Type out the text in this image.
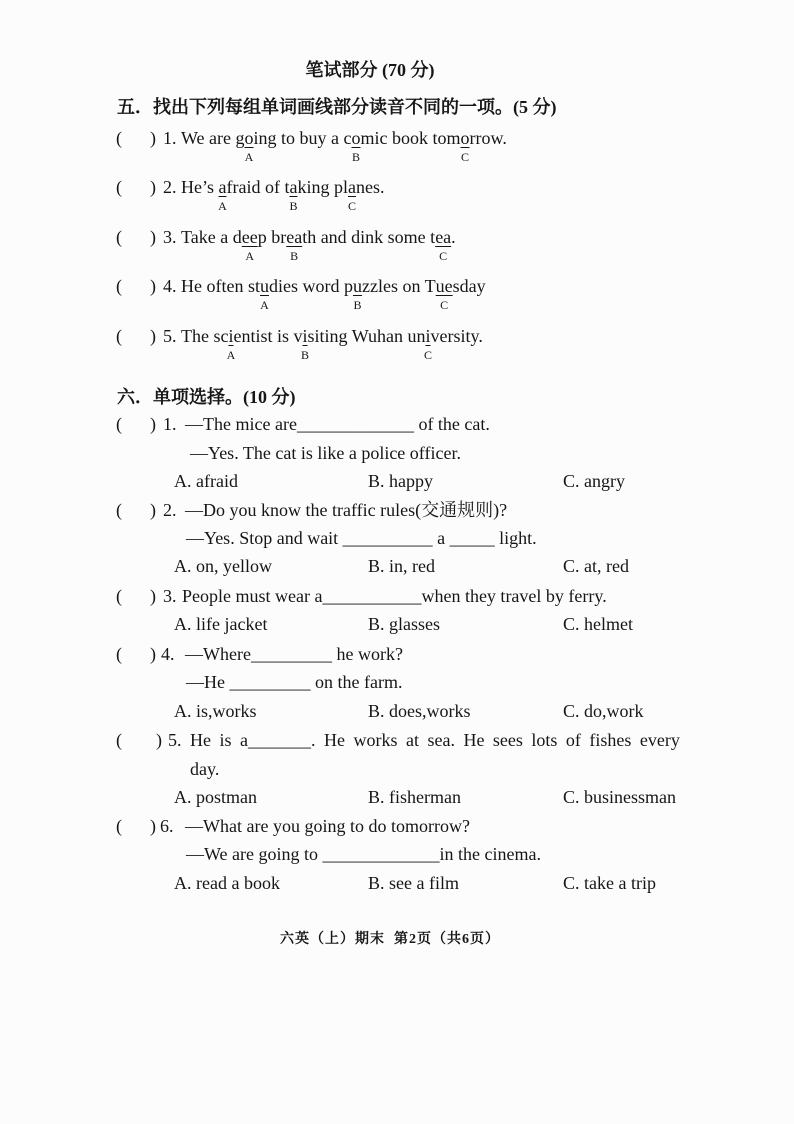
笔试部分 (70 分)
五．找出下列每组单词画线部分读音不同的一项。(5 分)
( ) 1. We are g o
A
ing to buy a c o
B
mic book tom o
C
rrow.
( ) 2. He’s a
A
fraid of t a
B
king pl a
C
nes.
( ) 3. Take a d ee
A
p br ea
B
th and dink some t ea
C
.
( ) 4. He often st u
A
dies word p u
B
zzles on T ue
C
sday
( ) 5. The sc i
A
entist is v i
B
siting Wuhan un i
C
versity.
六．单项选择。(10 分)
( ) 1. —The mice are_____________ of the cat.
—Yes. The cat is like a police officer.
A. afraid	B. happy	C. angry
( ) 2. —Do you know the traffic rules(交通规则)?
—Yes. Stop and wait __________ a _____ light.
A. on, yellow	B. in, red	C. at, red
( ) 3. People must wear a___________when they travel by ferry.
A. life jacket	B. glasses	C. helmet
( ) 4. —Where_________ he work?
—He _________ on the farm.
A. is,works	B. does,works	C. do,work
( ) 5. He is a_______. He works at sea. He sees lots of fishes every
day.
A. postman	B. fisherman	C. businessman
( ) 6. —What are you going to do tomorrow?
—We are going to _____________in the cinema.
A. read a book	B. see a film	C. take a trip
六英（上）期末  第2页（共6页）
